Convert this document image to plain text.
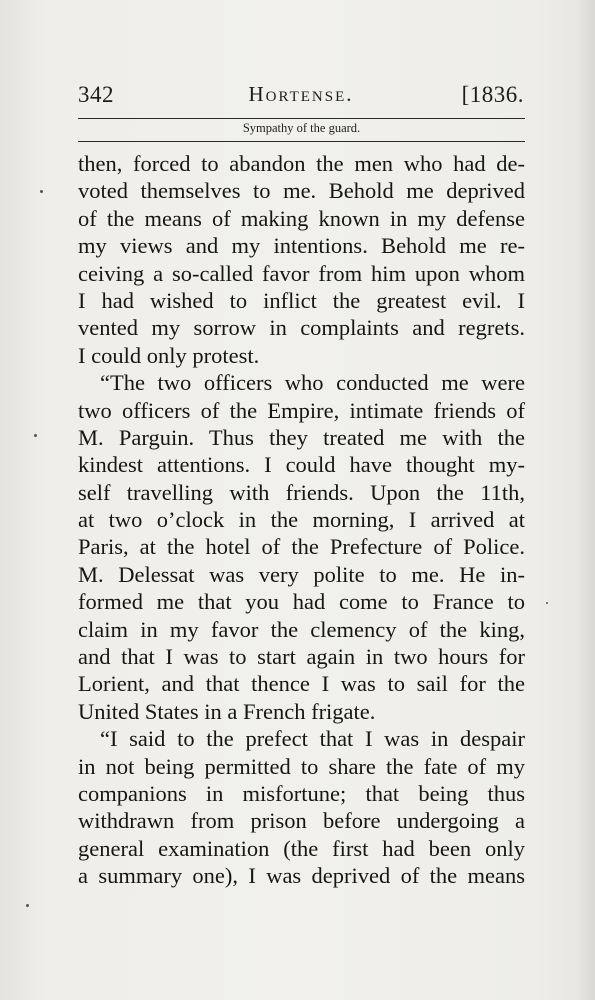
342	Hortense.	[1836.
Sympathy of the guard.
then, forced to abandon the men who had de-
voted themselves to me. Behold me deprived
of the means of making known in my defense
my views and my intentions. Behold me re-
ceiving a so-called favor from him upon whom
I had wished to inflict the greatest evil. I
vented my sorrow in complaints and regrets.
I could only protest.
“The two officers who conducted me were
two officers of the Empire, intimate friends of
M. Parguin. Thus they treated me with the
kindest attentions. I could have thought my-
self travelling with friends. Upon the 11th,
at two o’clock in the morning, I arrived at
Paris, at the hotel of the Prefecture of Police.
M. Delessat was very polite to me. He in-
formed me that you had come to France to
claim in my favor the clemency of the king,
and that I was to start again in two hours for
Lorient, and that thence I was to sail for the
United States in a French frigate.
“I said to the prefect that I was in despair
in not being permitted to share the fate of my
companions in misfortune; that being thus
withdrawn from prison before undergoing a
general examination (the first had been only
a summary one), I was deprived of the means
